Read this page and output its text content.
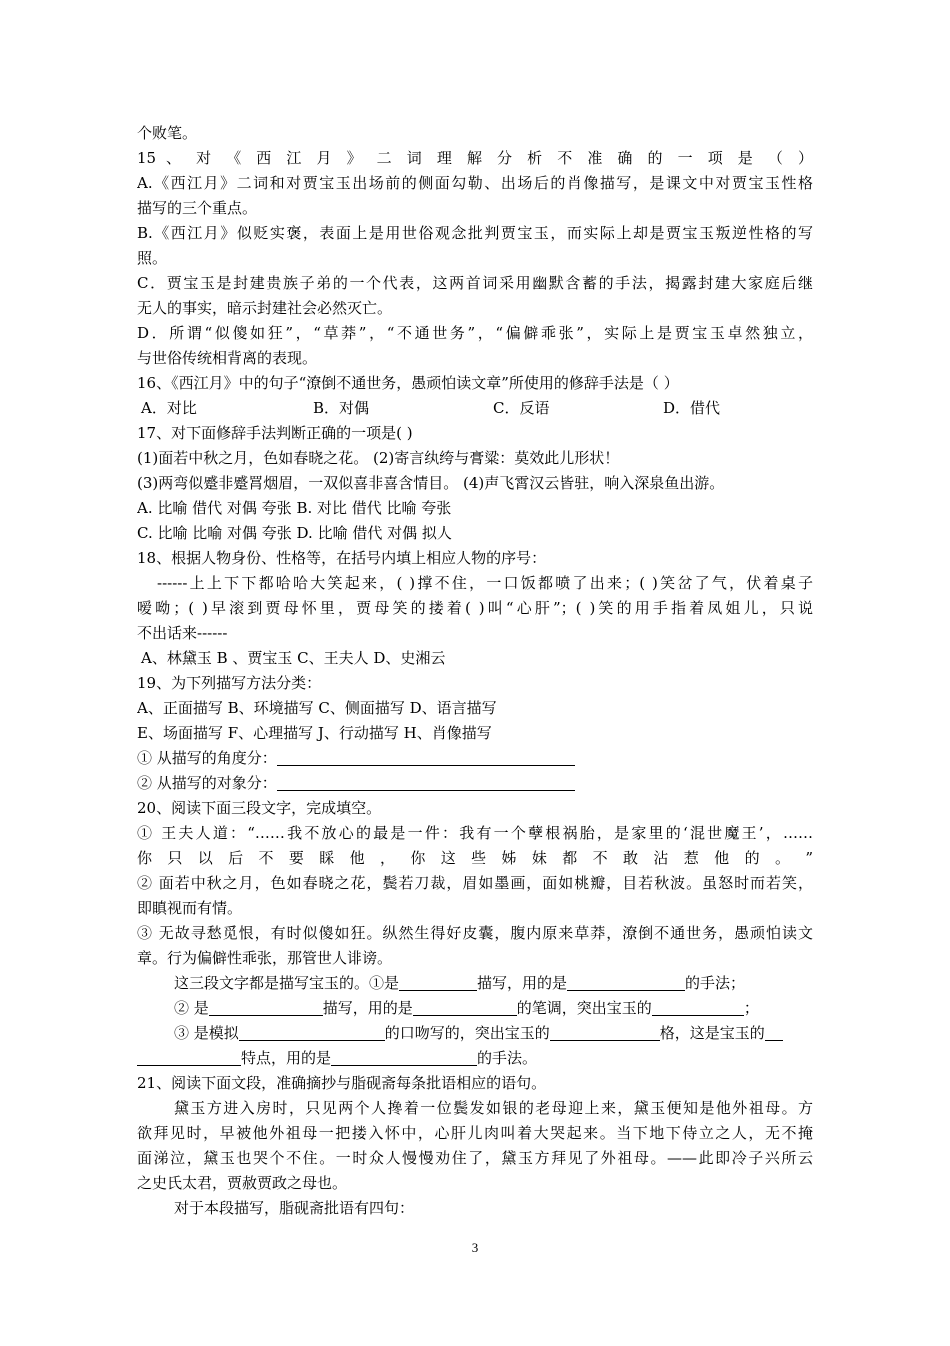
个败笔。
15 、 对 《 西 江 月 》 二 词 理 解 分 析 不 准 确 的 一 项 是 （ ）
A.《西江月》二词和对贾宝玉出场前的侧面勾勒、出场后的肖像描写，是课文中对贾宝玉性格
描写的三个重点。
B.《西江月》似贬实褒，表面上是用世俗观念批判贾宝玉，而实际上却是贾宝玉叛逆性格的写
照。
C．贾宝玉是封建贵族子弟的一个代表，这两首词采用幽默含蓄的手法，揭露封建大家庭后继
无人的事实，暗示封建社会必然灭亡。
D．所谓“似傻如狂”，“草莽”，“不通世务”，“偏僻乖张”，实际上是贾宝玉卓然独立，
与世俗传统相背离的表现。
16、《西江月》中的句子“潦倒不通世务，愚顽怕读文章”所使用的修辞手法是（ ）
A．对比	B．对偶	C．反语	D．借代
17、对下面修辞手法判断正确的一项是( )
(1)面若中秋之月，色如春晓之花。 (2)寄言纨绔与膏粱：莫效此儿形状！
(3)两弯似蹙非蹙罥烟眉，一双似喜非喜含情目。 (4)声飞霄汉云皆驻，响入深泉鱼出游。
A. 比喻 借代 对偶 夸张 B. 对比 借代 比喻 夸张
C. 比喻 比喻 对偶 夸张 D. 比喻 借代 对偶 拟人
18、根据人物身份、性格等，在括号内填上相应人物的序号：
------上上下下都哈哈大笑起来，( )撑不住，一口饭都喷了出来；( )笑岔了气，伏着桌子
嗳呦；( )早滚到贾母怀里，贾母笑的搂着( )叫“心肝”；( )笑的用手指着凤姐儿，只说
不出话来------
A、林黛玉 B 、贾宝玉 C、王夫人 D、史湘云
19、为下列描写方法分类：
A、正面描写 B、环境描写 C、侧面描写 D、语言描写
E、场面描写 F、心理描写 J、行动描写 H、肖像描写
① 从描写的角度分：
② 从描写的对象分：
20、阅读下面三段文字，完成填空。
① 王夫人道：“……我不放心的最是一件：我有一个孽根祸胎，是家里的‘混世魔王’，……
你 只 以 后 不 要 睬 他 ， 你 这 些 姊 妹 都 不 敢 沾 惹 他 的 。 ”
② 面若中秋之月，色如春晓之花，鬓若刀裁，眉如墨画，面如桃瓣，目若秋波。虽怒时而若笑，
即瞋视而有情。
③ 无故寻愁觅恨，有时似傻如狂。纵然生得好皮囊，腹内原来草莽，潦倒不通世务，愚顽怕读文
章。行为偏僻性乖张，那管世人诽谤。
这三段文字都是描写宝玉的。①是	描写，用的是	的手法；
② 是	描写，用的是	的笔调，突出宝玉的	；
③ 是模拟	的口吻写的，突出宝玉的	格，这是宝玉的
特点，用的是	的手法。
21、阅读下面文段，准确摘抄与脂砚斋每条批语相应的语句。
黛玉方进入房时，只见两个人搀着一位鬓发如银的老母迎上来，黛玉便知是他外祖母。方
欲拜见时，早被他外祖母一把搂入怀中，心肝儿肉叫着大哭起来。当下地下侍立之人，无不掩
面涕泣，黛玉也哭个不住。一时众人慢慢劝住了，黛玉方拜见了外祖母。——此即冷子兴所云
之史氏太君，贾赦贾政之母也。
对于本段描写，脂砚斋批语有四句：
3
